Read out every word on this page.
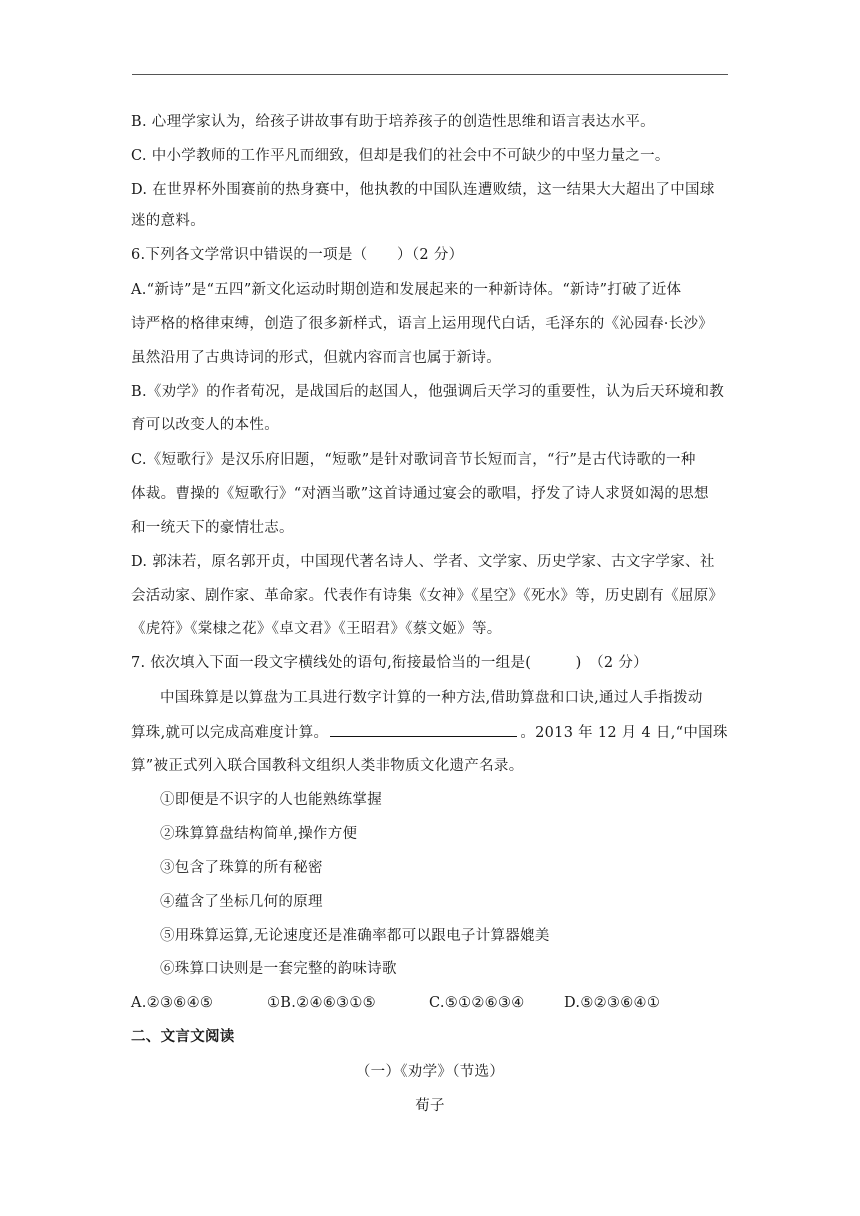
B. 心理学家认为，给孩子讲故事有助于培养孩子的创造性思维和语言表达水平。
C. 中小学教师的工作平凡而细致，但却是我们的社会中不可缺少的中坚力量之一。
D. 在世界杯外围赛前的热身赛中，他执教的中国队连遭败绩，这一结果大大超出了中国球
迷的意料。
6.下列各文学常识中错误的一项是（　　）（2 分）
A.“新诗”是“五四”新文化运动时期创造和发展起来的一种新诗体。“新诗”打破了近体
诗严格的格律束缚，创造了很多新样式，语言上运用现代白话，毛泽东的《沁园春·长沙》
虽然沿用了古典诗词的形式，但就内容而言也属于新诗。
B.《劝学》的作者荀况，是战国后的赵国人，他强调后天学习的重要性，认为后天环境和教
育可以改变人的本性。
C.《短歌行》是汉乐府旧题，“短歌”是针对歌词音节长短而言，“行”是古代诗歌的一种
体裁。曹操的《短歌行》“对酒当歌”这首诗通过宴会的歌唱，抒发了诗人求贤如渴的思想
和一统天下的豪情壮志。
D. 郭沫若，原名郭开贞，中国现代著名诗人、学者、文学家、历史学家、古文字学家、社
会活动家、剧作家、革命家。代表作有诗集《女神》《星空》《死水》等，历史剧有《屈原》
《虎符》《棠棣之花》《卓文君》《王昭君》《蔡文姬》等。
7. 依次填入下面一段文字横线处的语句,衔接最恰当的一组是(　　　)　（2 分）
中国珠算是以算盘为工具进行数字计算的一种方法,借助算盘和口诀,通过人手指拨动
算珠,就可以完成高难度计算。	。2013 年 12 月 4 日,“中国珠
算”被正式列入联合国教科文组织人类非物质文化遗产名录。
①即便是不识字的人也能熟练掌握
②珠算算盘结构简单,操作方便
③包含了珠算的所有秘密
④蕴含了坐标几何的原理
⑤用珠算运算,无论速度还是准确率都可以跟电子计算器媲美
⑥珠算口诀则是一套完整的韵味诗歌
A.②③⑥④⑤	①B.②④⑥③①⑤	C.⑤①②⑥③④	D.⑤②③⑥④①
二、文言文阅读
（一）《劝学》（节选）
荀子
